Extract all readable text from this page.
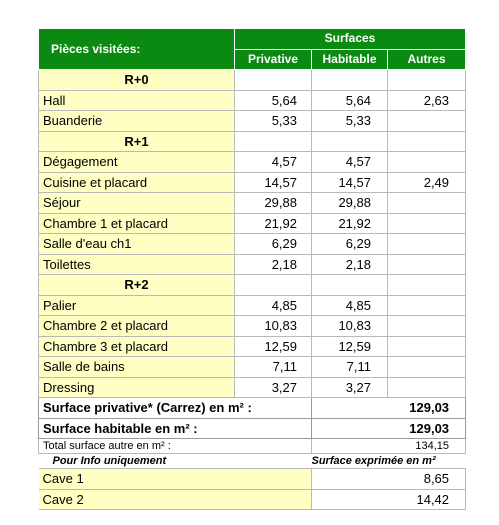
Pièces visitées:	Surfaces		
	Privative	Habitable	Autres
R+0			
Hall	5,64	5,64	2,63
Buanderie	5,33	5,33	
R+1			
Dégagement	4,57	4,57	
Cuisine et placard	14,57	14,57	2,49
Séjour	29,88	29,88	
Chambre 1 et placard	21,92	21,92	
Salle d'eau ch1	6,29	6,29	
Toilettes	2,18	2,18	
R+2			
Palier	4,85	4,85	
Chambre 2 et placard	10,83	10,83	
Chambre 3 et placard	12,59	12,59	
Salle de bains	7,11	7,11	
Dressing	3,27	3,27	
Surface privative* (Carrez) en m² :		129,03	
Surface habitable en m² :		129,03	
Total surface autre en m² :		134,15	
Pour Info uniquement		Surface exprimée en m²	
Cave 1		8,65	
Cave 2		14,42	
